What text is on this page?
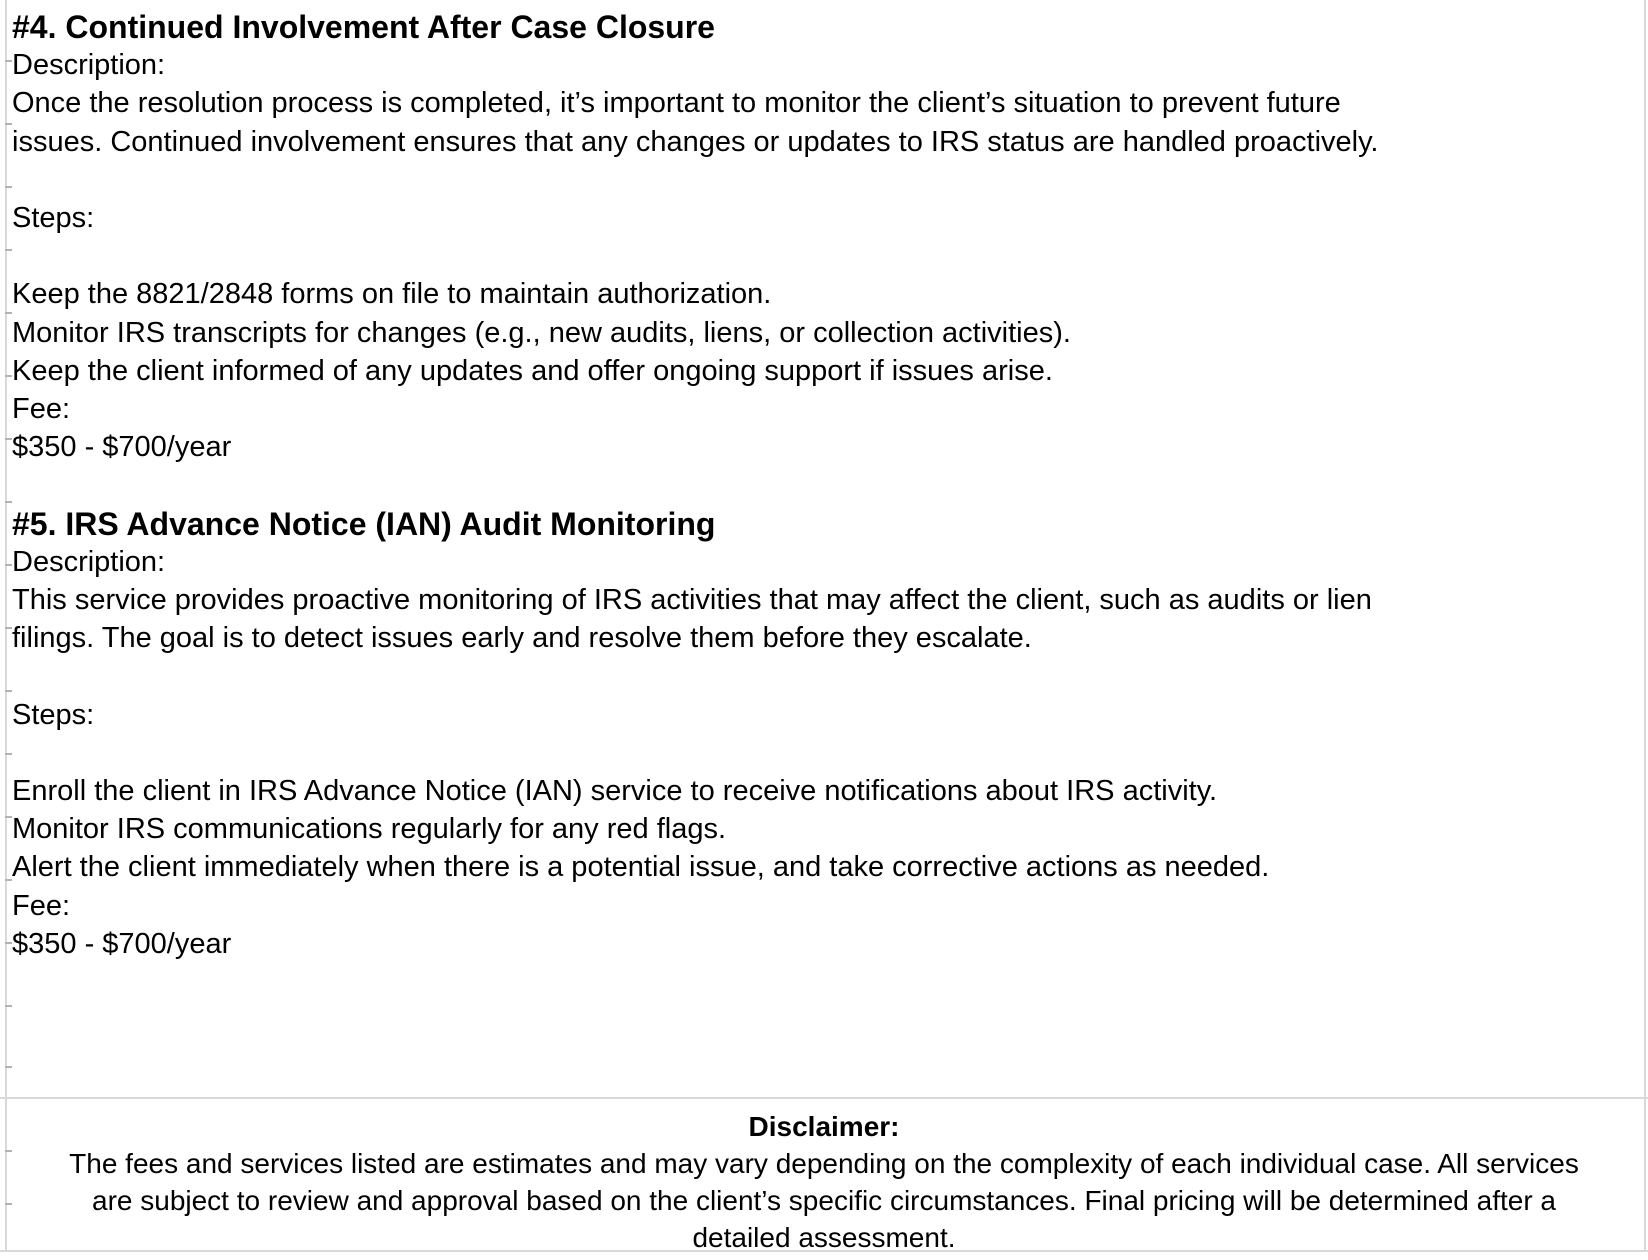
#4. Continued Involvement After Case Closure
Description:
Once the resolution process is completed, it’s important to monitor the client’s situation to prevent future
issues. Continued involvement ensures that any changes or updates to IRS status are handled proactively.
Steps:
Keep the 8821/2848 forms on file to maintain authorization.
Monitor IRS transcripts for changes (e.g., new audits, liens, or collection activities).
Keep the client informed of any updates and offer ongoing support if issues arise.
Fee:
$350 - $700/year
#5. IRS Advance Notice (IAN) Audit Monitoring
Description:
This service provides proactive monitoring of IRS activities that may affect the client, such as audits or lien
filings. The goal is to detect issues early and resolve them before they escalate.
Steps:
Enroll the client in IRS Advance Notice (IAN) service to receive notifications about IRS activity.
Monitor IRS communications regularly for any red flags.
Alert the client immediately when there is a potential issue, and take corrective actions as needed.
Fee:
$350 - $700/year
Disclaimer:
The fees and services listed are estimates and may vary depending on the complexity of each individual case. All services
are subject to review and approval based on the client’s specific circumstances. Final pricing will be determined after a
detailed assessment.
